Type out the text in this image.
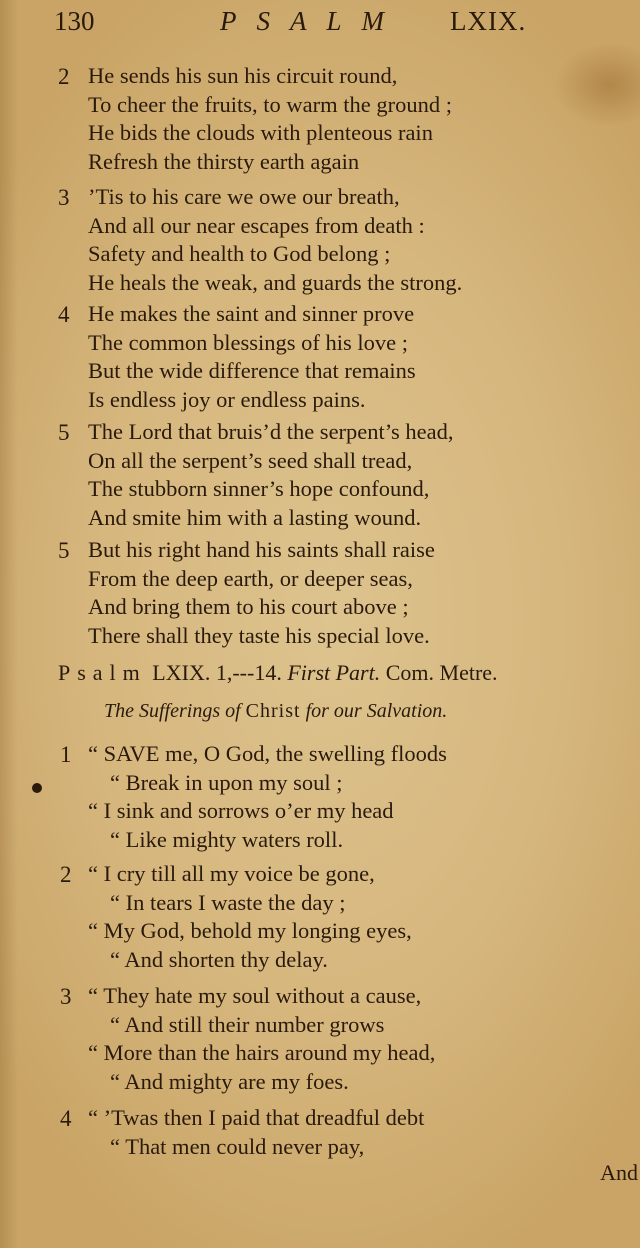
130	PSALM LXIX.
2 He sends his sun his circuit round,
To cheer the fruits, to warm the ground ;
He bids the clouds with plenteous rain
Refresh the thirsty earth again
3 ’Tis to his care we owe our breath,
And all our near escapes from death :
Safety and health to God belong ;
He heals the weak, and guards the strong.
4 He makes the saint and sinner prove
The common blessings of his love ;
But the wide difference that remains
Is endless joy or endless pains.
5 The Lord that bruis’d the serpent’s head,
On all the serpent’s seed shall tread,
The stubborn sinner’s hope confound,
And smite him with a lasting wound.
5 But his right hand his saints shall raise
From the deep earth, or deeper seas,
And bring them to his court above ;
There shall they taste his special love.
Psalm LXIX. 1,---14. First Part. Com. Metre.
The Sufferings of Christ for our Salvation.
1 “ SAVE me, O God, the swelling floods
“ Break in upon my soul ;
“ I sink and sorrows o’er my head
“ Like mighty waters roll.
2 “ I cry till all my voice be gone,
“ In tears I waste the day ;
“ My God, behold my longing eyes,
“ And shorten thy delay.
3 “ They hate my soul without a cause,
“ And still their number grows
“ More than the hairs around my head,
“ And mighty are my foes.
4 “ ’Twas then I paid that dreadful debt
“ That men could never pay,
And
